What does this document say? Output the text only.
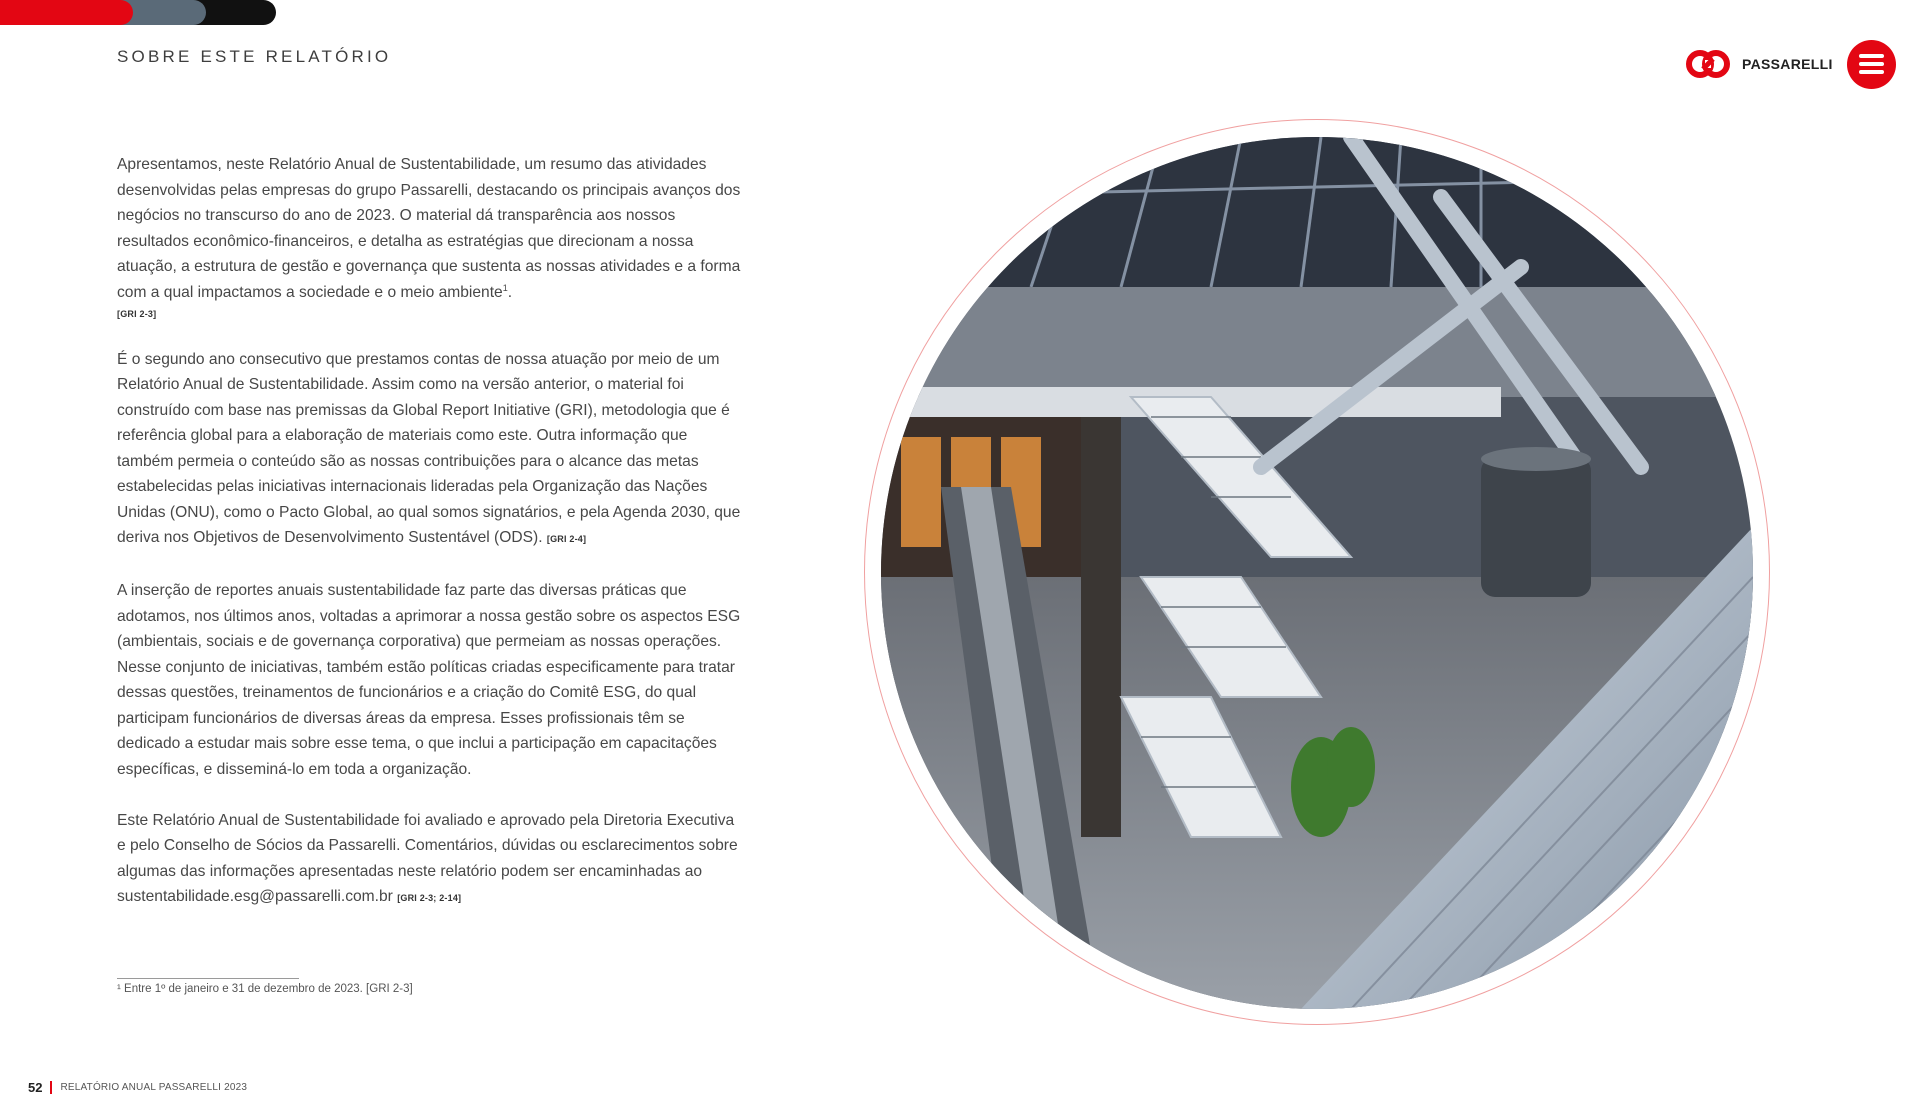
SOBRE ESTE RELATÓRIO	PASSARELLI

Apresentamos, neste Relatório Anual de Sustentabilidade, um resumo das atividades desenvolvidas pelas empresas do grupo Passarelli, destacando os principais avanços dos negócios no transcurso do ano de 2023. O material dá transparência aos nossos resultados econômico-financeiros, e detalha as estratégias que direcionam a nossa atuação, a estrutura de gestão e governança que sustenta as nossas atividades e a forma com a qual impactamos a sociedade e o meio ambiente$^1$.
[GRI 2-3]

É o segundo ano consecutivo que prestamos contas de nossa atuação por meio de um Relatório Anual de Sustentabilidade. Assim como na versão anterior, o material foi construído com base nas premissas da Global Report Initiative (GRI), metodologia que é referência global para a elaboração de materiais como este. Outra informação que também permeia o conteúdo são as nossas contribuições para o alcance das metas estabelecidas pelas iniciativas internacionais lideradas pela Organização das Nações Unidas (ONU), como o Pacto Global, ao qual somos signatários, e pela Agenda 2030, que deriva nos Objetivos de Desenvolvimento Sustentável (ODS). [GRI 2-4]

A inserção de reportes anuais sustentabilidade faz parte das diversas práticas que adotamos, nos últimos anos, voltadas a aprimorar a nossa gestão sobre os aspectos ESG (ambientais, sociais e de governança corporativa) que permeiam as nossas operações. Nesse conjunto de iniciativas, também estão políticas criadas especificamente para tratar dessas questões, treinamentos de funcionários e a criação do Comitê ESG, do qual participam funcionários de diversas áreas da empresa. Esses profissionais têm se dedicado a estudar mais sobre esse tema, o que inclui a participação em capacitações específicas, e disseminá-lo em toda a organização.

Este Relatório Anual de Sustentabilidade foi avaliado e aprovado pela Diretoria Executiva e pelo Conselho de Sócios da Passarelli. Comentários, dúvidas ou esclarecimentos sobre algumas das informações apresentadas neste relatório podem ser encaminhadas ao sustentabilidade.esg@passarelli.com.br [GRI 2-3; 2-14]

¹ Entre 1º de janeiro e 31 de dezembro de 2023. [GRI 2-3]
52 RELATÓRIO ANUAL PASSARELLI 2023
